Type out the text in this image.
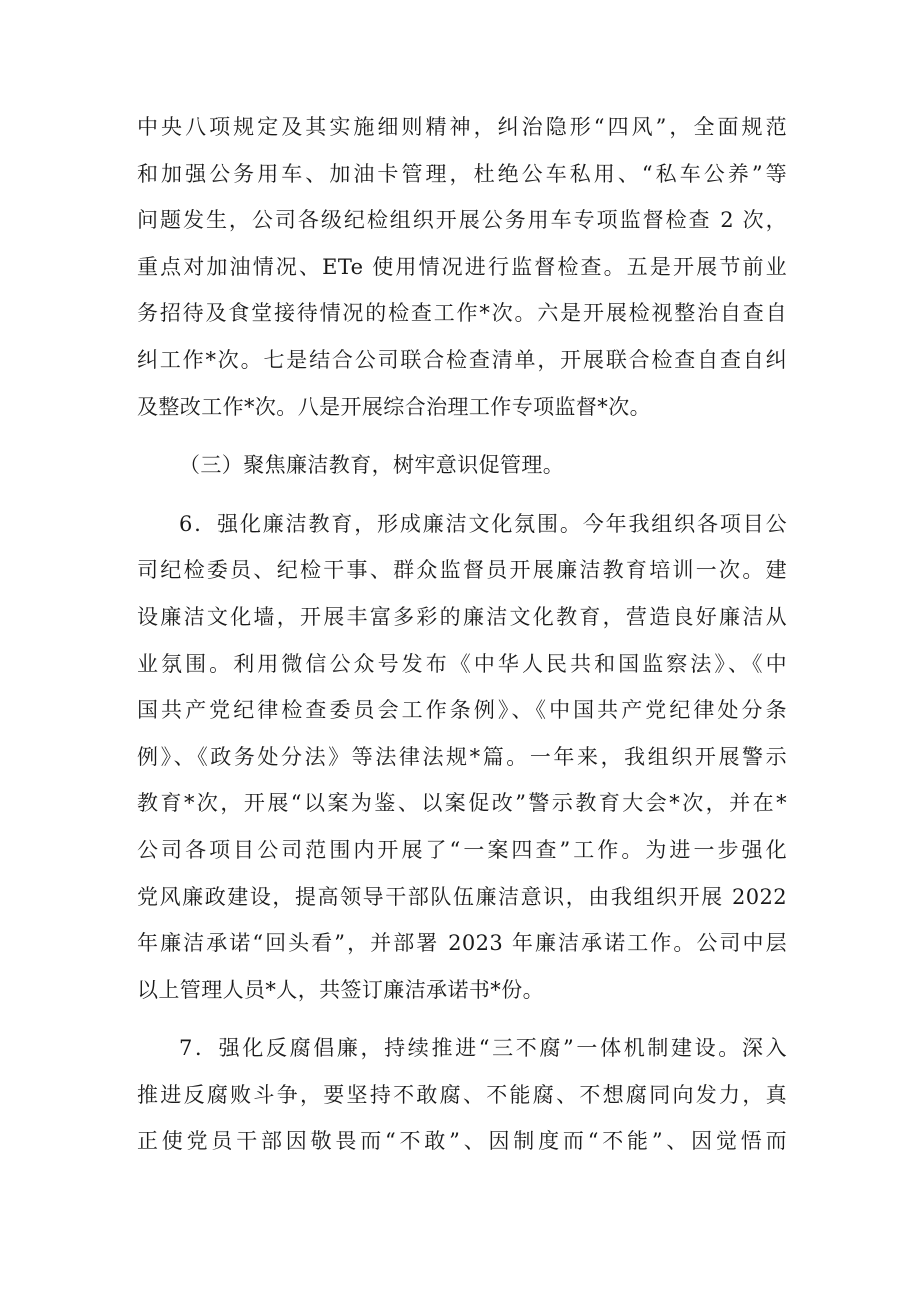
中央八项规定及其实施细则精神，纠治隐形“四风”，全面规范
和加强公务用车、加油卡管理，杜绝公车私用、“私车公养”等
问题发生，公司各级纪检组织开展公务用车专项监督检查 2 次，
重点对加油情况、ETe 使用情况进行监督检查。五是开展节前业
务招待及食堂接待情况的检查工作*次。六是开展检视整治自查自
纠工作*次。七是结合公司联合检查清单，开展联合检查自查自纠
及整改工作*次。八是开展综合治理工作专项监督*次。
（三）聚焦廉洁教育，树牢意识促管理。
6．强化廉洁教育，形成廉洁文化氛围。今年我组织各项目公
司纪检委员、纪检干事、群众监督员开展廉洁教育培训一次。建
设廉洁文化墙，开展丰富多彩的廉洁文化教育，营造良好廉洁从
业氛围。利用微信公众号发布《中华人民共和国监察法》、《中
国共产党纪律检查委员会工作条例》、《中国共产党纪律处分条
例》、《政务处分法》等法律法规*篇。一年来，我组织开展警示
教育*次，开展“以案为鉴、以案促改”警示教育大会*次，并在*
公司各项目公司范围内开展了“一案四查”工作。为进一步强化
党风廉政建设，提高领导干部队伍廉洁意识，由我组织开展 2022
年廉洁承诺“回头看”，并部署 2023 年廉洁承诺工作。公司中层
以上管理人员*人，共签订廉洁承诺书*份。
7．强化反腐倡廉，持续推进“三不腐”一体机制建设。深入
推进反腐败斗争，要坚持不敢腐、不能腐、不想腐同向发力，真
正使党员干部因敬畏而“不敢”、因制度而“不能”、因觉悟而
